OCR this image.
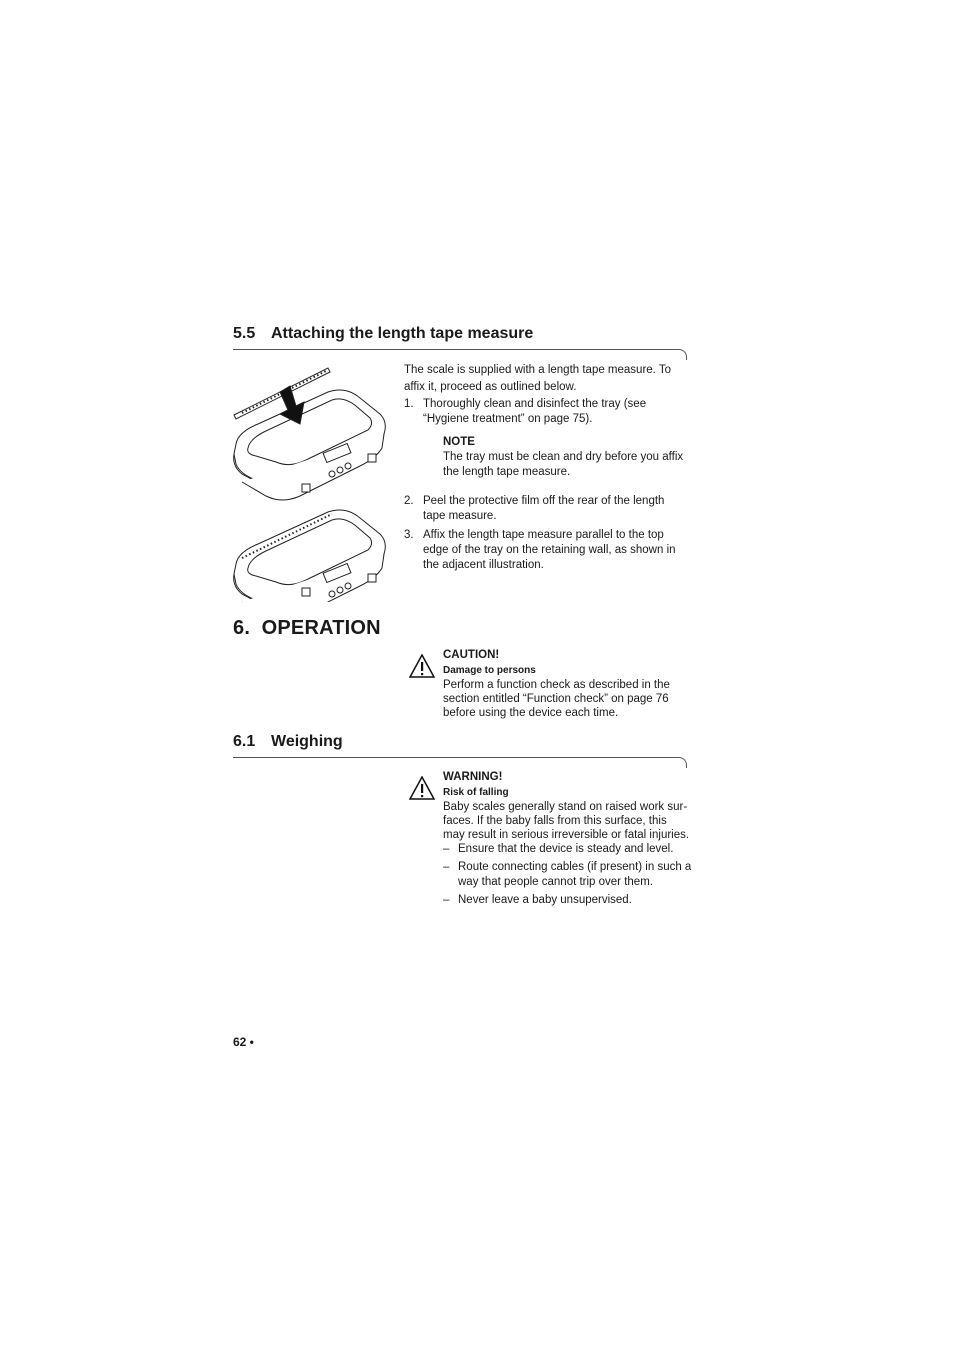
5.5 Attaching the length tape measure
The scale is supplied with a length tape measure. To
affix it, proceed as outlined below.
1. Thoroughly clean and disinfect the tray (see
“Hygiene treatment” on page 75).
NOTE
The tray must be clean and dry before you affix
the length tape measure.
2. Peel the protective film off the rear of the length
tape measure.
3. Affix the length tape measure parallel to the top
edge of the tray on the retaining wall, as shown in
the adjacent illustration.
6. OPERATION
CAUTION!
Damage to persons
Perform a function check as described in the
section entitled “Function check” on page 76
before using the device each time.
6.1 Weighing
WARNING!
Risk of falling
Baby scales generally stand on raised work sur-
faces. If the baby falls from this surface, this
may result in serious irreversible or fatal injuries.
– Ensure that the device is steady and level.
– Route connecting cables (if present) in such a
way that people cannot trip over them.
– Never leave a baby unsupervised.
62 •
